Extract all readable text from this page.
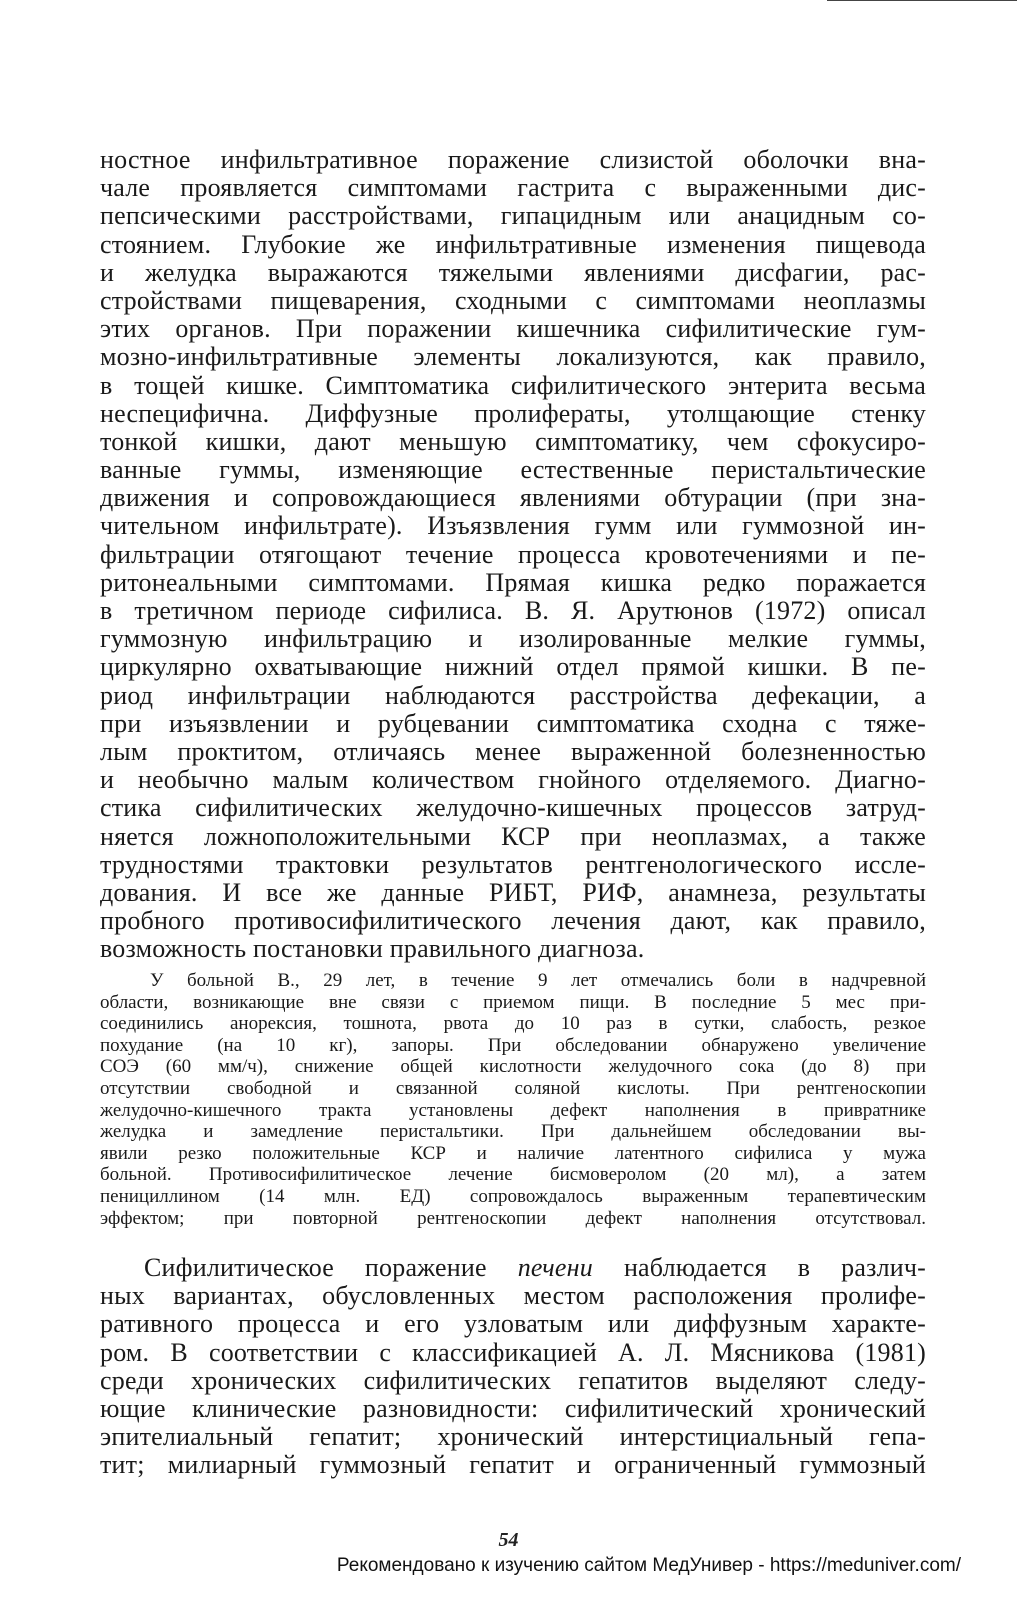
ностное инфильтративное поражение слизистой оболочки вна-
чале проявляется симптомами гастрита с выраженными дис-
пепсическими расстройствами, гипацидным или анацидным со-
стоянием. Глубокие же инфильтративные изменения пищевода
и желудка выражаются тяжелыми явлениями дисфагии, рас-
стройствами пищеварения, сходными с симптомами неоплазмы
этих органов. При поражении кишечника сифилитические гум-
мозно-инфильтративные элементы локализуются, как правило,
в тощей кишке. Симптоматика сифилитического энтерита весьма
неспецифична. Диффузные пролифераты, утолщающие стенку
тонкой кишки, дают меньшую симптоматику, чем сфокусиро-
ванные гуммы, изменяющие естественные перистальтические
движения и сопровождающиеся явлениями обтурации (при зна-
чительном инфильтрате). Изъязвления гумм или гуммозной ин-
фильтрации отягощают течение процесса кровотечениями и пе-
ритонеальными симптомами. Прямая кишка редко поражается
в третичном периоде сифилиса. В. Я. Арутюнов (1972) описал
гуммозную инфильтрацию и изолированные мелкие гуммы,
циркулярно охватывающие нижний отдел прямой кишки. В пе-
риод инфильтрации наблюдаются расстройства дефекации, а
при изъязвлении и рубцевании симптоматика сходна с тяже-
лым проктитом, отличаясь менее выраженной болезненностью
и необычно малым количеством гнойного отделяемого. Диагно-
стика сифилитических желудочно-кишечных процессов затруд-
няется ложноположительными КСР при неоплазмах, а также
трудностями трактовки результатов рентгенологического иссле-
дования. И все же данные РИБТ, РИФ, анамнеза, результаты
пробного противосифилитического лечения дают, как правило,
возможность постановки правильного диагноза.
У больной В., 29 лет, в течение 9 лет отмечались боли в надчревной
области, возникающие вне связи с приемом пищи. В последние 5 мес при-
соединились анорексия, тошнота, рвота до 10 раз в сутки, слабость, резкое
похудание (на 10 кг), запоры. При обследовании обнаружено увеличение
СОЭ (60 мм/ч), снижение общей кислотности желудочного сока (до 8) при
отсутствии свободной и связанной соляной кислоты. При рентгеноскопии
желудочно-кишечного тракта установлены дефект наполнения в привратнике
желудка и замедление перистальтики. При дальнейшем обследовании вы-
явили резко положительные КСР и наличие латентного сифилиса у мужа
больной. Противосифилитическое лечение бисмоверолом (20 мл), а затем
пенициллином (14 млн. ЕД) сопровождалось выраженным терапевтическим
эффектом; при повторной рентгеноскопии дефект наполнения отсутствовал.
Сифилитическое поражение печени наблюдается в различ-
ных вариантах, обусловленных местом расположения пролифе-
ративного процесса и его узловатым или диффузным характе-
ром. В соответствии с классификацией А. Л. Мясникова (1981)
среди хронических сифилитических гепатитов выделяют следу-
ющие клинические разновидности: сифилитический хронический
эпителиальный гепатит; хронический интерстициальный гепа-
тит; милиарный гуммозный гепатит и ограниченный гуммозный
54
Рекомендовано к изучению сайтом МедУнивер - https://meduniver.com/
